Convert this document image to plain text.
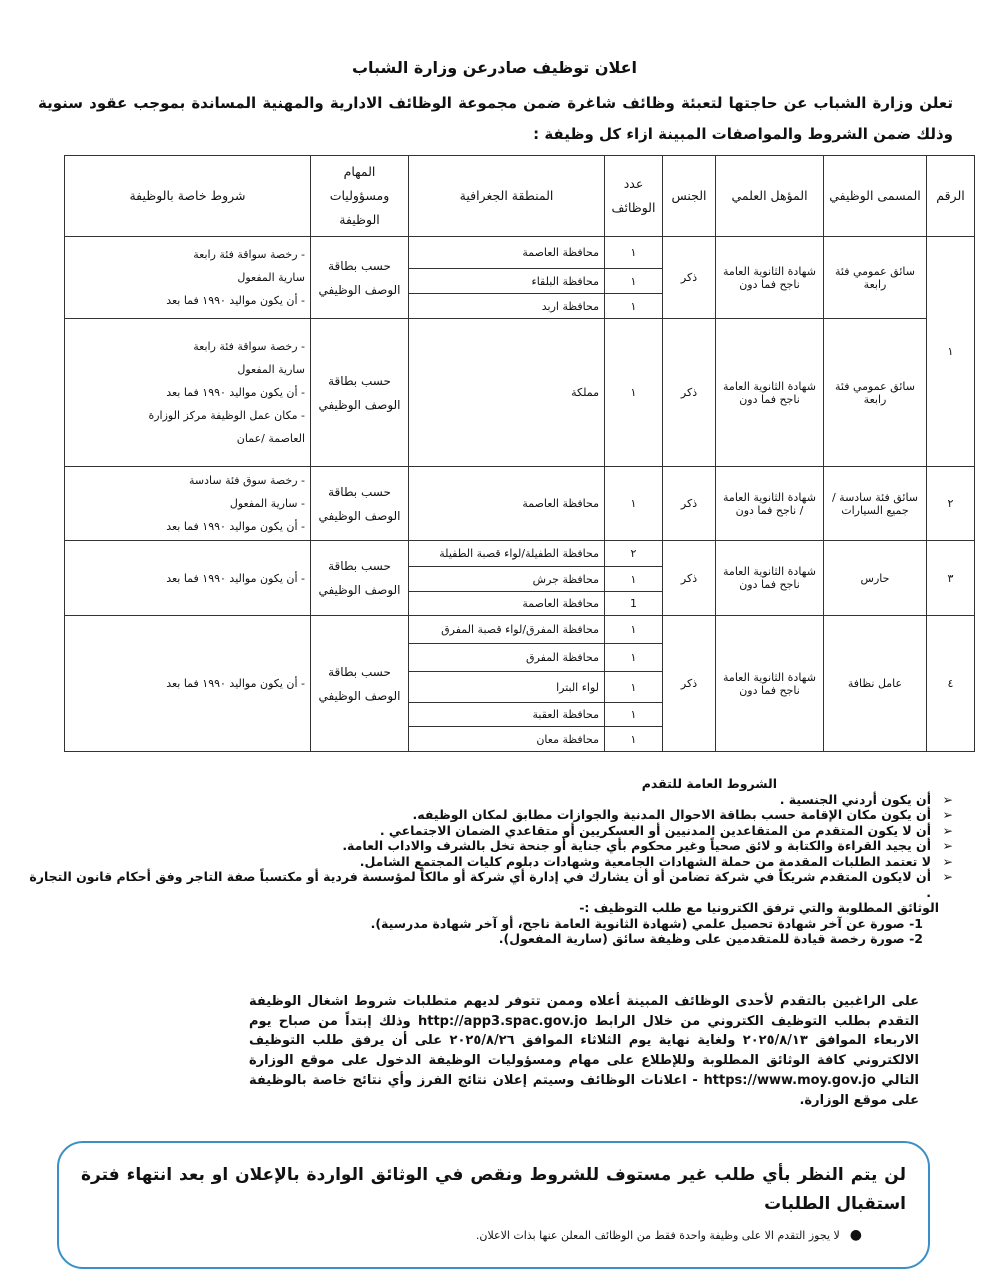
اعلان توظيف صادرعن وزارة الشباب
تعلن وزارة الشباب عن حاجتها لتعبئة وظائف شاغرة ضمن مجموعة الوظائف الادارية والمهنية المساندة بموجب عقود سنوية وذلك ضمن الشروط والمواصفات المبينة ازاء كل وظيفة :
الرقم	المسمى الوظيفي	المؤهل العلمي	الجنس	عدد الوظائف	المنطقة الجغرافية	المهام ومسؤوليات الوظيفة	شروط خاصة بالوظيفة
١	سائق عمومي فئة رابعة	شهادة الثانوية العامة ناجح فما دون	ذكر	١	محافظة العاصمة	حسب بطاقة الوصف الوظيفي	- رخصة سواقة فئة رابعة
سارية المفعول
- أن يكون مواليد ١٩٩٠ فما بعد

				١	محافظة البلقاء		
				١	محافظة اربد		
	سائق عمومي فئة رابعة	شهادة الثانوية العامة ناجح فما دون	ذكر	١	مملكة	حسب بطاقة الوصف الوظيفي	- رخصة سواقة فئة رابعة
سارية المفعول
- أن يكون مواليد ١٩٩٠ فما بعد
- مكان عمل الوظيفة مركز الوزارة
العاصمة /عمان

٢	سائق فئة سادسة / جميع السيارات	شهادة الثانوية العامة / ناجح فما دون	ذكر	١	محافظة العاصمة	حسب بطاقة الوصف الوظيفي	- رخصة سوق فئة سادسة
- سارية المفعول
- أن يكون مواليد ١٩٩٠ فما بعد

٣	حارس	شهادة الثانوية العامة ناجح فما دون	ذكر	٢	محافظة الطفيلة/لواء قصبة الطفيلة	حسب بطاقة الوصف الوظيفي	- أن يكون مواليد ١٩٩٠ فما بعد

				١	محافظة جرش		
				1	محافظة العاصمة		
٤	عامل نظافة	شهادة الثانوية العامة ناجح فما دون	ذكر	١	محافظة المفرق/لواء قصبة المفرق	حسب بطاقة الوصف الوظيفي	- أن يكون مواليد ١٩٩٠ فما بعد

				١	محافظة المفرق		
				١	لواء البترا		
				١	محافظة العقبة		
				١	محافظة معان		
الشروط العامة للتقدم
➢
أن يكون أردني الجنسية .
➢
أن يكون مكان الإقامة حسب بطاقة الاحوال المدنية والجوازات مطابق لمكان الوظيفه.
➢
أن لا يكون المتقدم من المتقاعدين المدنيين أو العسكريين أو متقاعدي الضمان الاجتماعي .
➢
أن يجيد القراءة والكتابة و لائق صحياً وغير محكوم بأي جناية أو جنحة تخل بالشرف والاداب العامة.
➢
لا تعتمد الطلبات المقدمة من حملة الشهادات الجامعية وشهادات دبلوم كليات المجتمع الشامل.
➢
أن لايكون المتقدم شريكاً في شركة تضامن أو أن يشارك في إدارة أي شركة أو مالكاً لمؤسسة فردية أو مكتسباً صفة التاجر وفق أحكام قانون التجارة .
الوثائق المطلوبة والتي ترفق الكترونيا مع طلب التوظيف :-
1- صورة عن آخر شهادة تحصيل علمي (شهادة الثانوية العامة ناجح، أو آخر شهادة مدرسية).
2- صورة رخصة قيادة للمتقدمين على وظيفة سائق (سارية المفعول).
على الراغبين بالتقدم لأحدى الوظائف المبينة أعلاه وممن تتوفر لديهم متطلبات شروط اشغال الوظيفة التقدم بطلب التوظيف الكتروني من خلال الرابط http://app3.spac.gov.jo وذلك إبتداً من صباح يوم الاربعاء الموافق ٢٠٢٥/٨/١٣ ولغاية نهاية يوم الثلاثاء الموافق ٢٠٢٥/٨/٢٦ على أن يرفق طلب التوظيف الالكتروني كافة الوثائق المطلوبة وللإطلاع على مهام ومسؤوليات الوظيفة الدخول على موقع الوزارة التالي https://www.moy.gov.jo - اعلانات الوظائف وسيتم إعلان نتائج الفرز وأي نتائج خاصة بالوظيفة على موقع الوزارة.
لن يتم النظر بأي طلب غير مستوف للشروط ونقص في الوثائق الواردة بالإعلان او بعد انتهاء فترة استقبال الطلبات
●لا يجوز التقدم الا على وظيفة واحدة فقط من الوظائف المعلن عنها بذات الاعلان.
